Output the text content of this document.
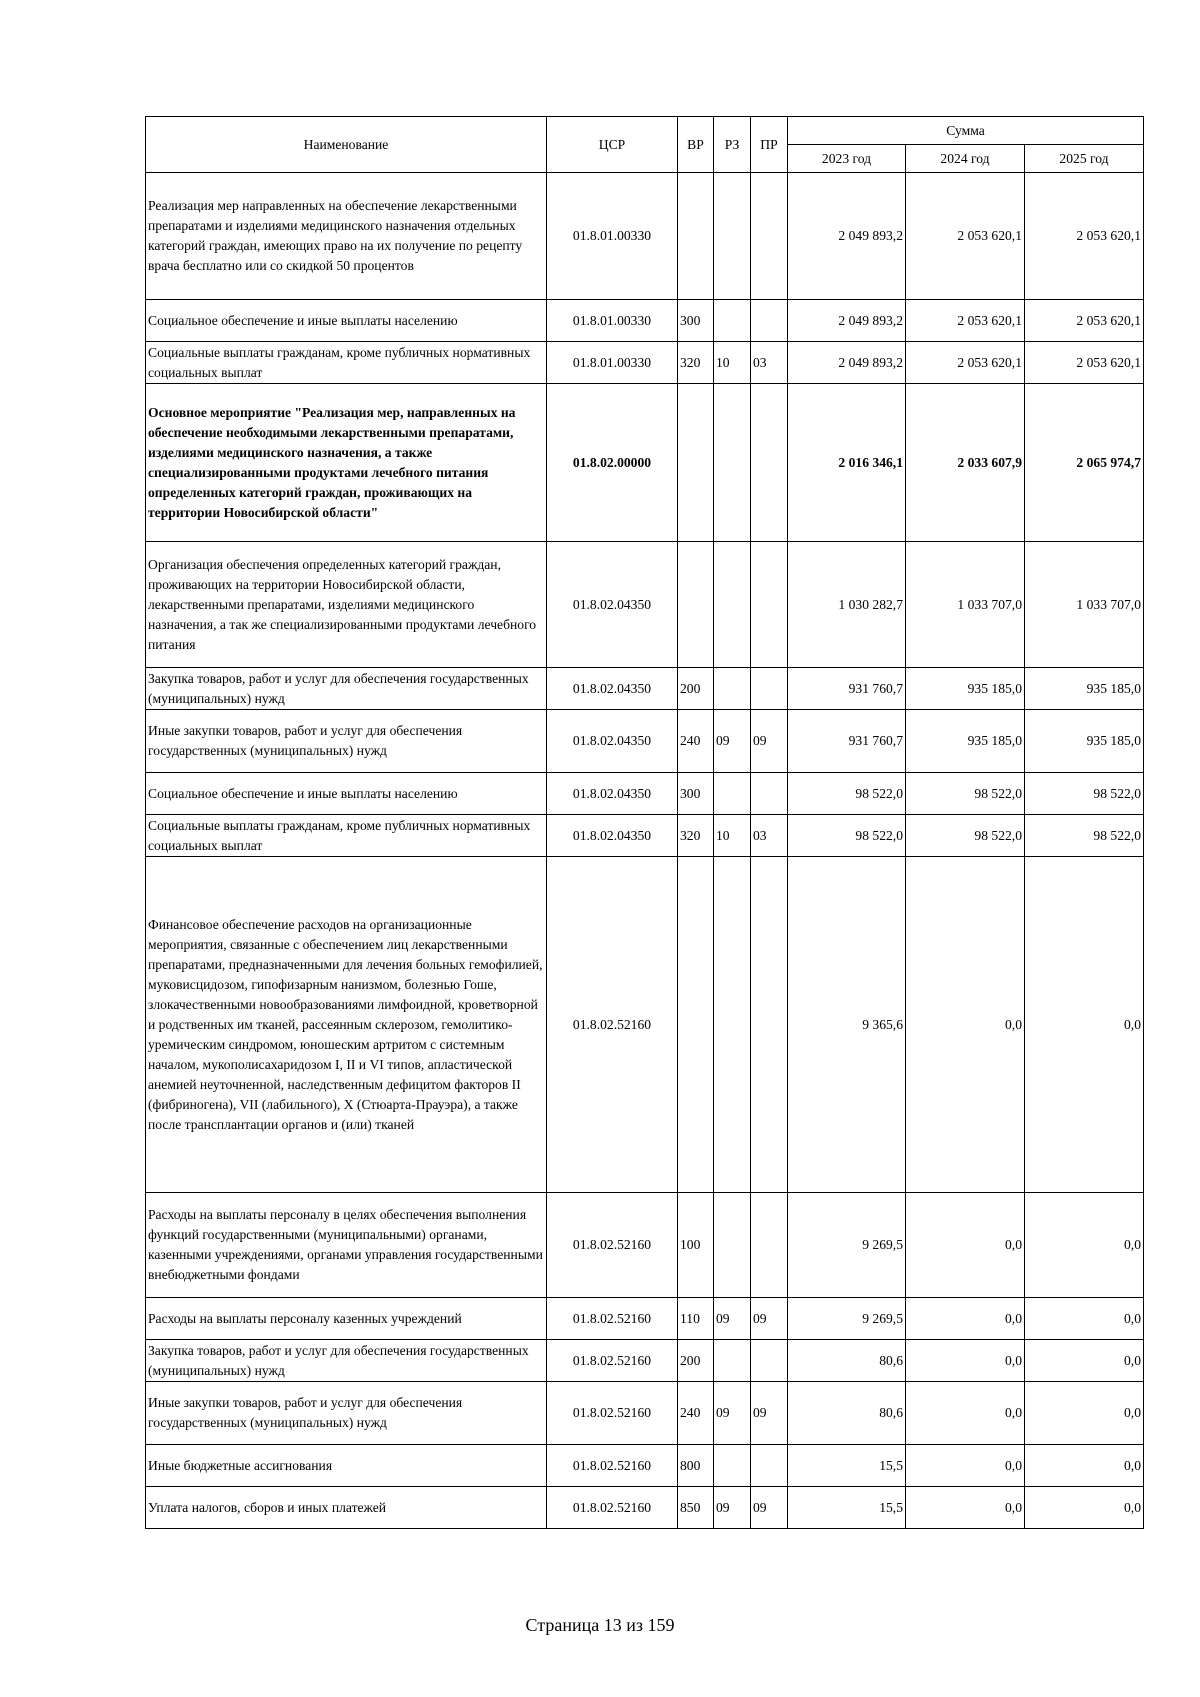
Наименование	ЦСР	ВР	РЗ	ПР	Сумма		
					2023 год	2024 год	2025 год
Реализация мер направленных на обеспечение лекарственными препаратами и изделиями медицинского назначения отдельных категорий граждан, имеющих право на их получение по рецепту врача бесплатно или со скидкой 50 процентов	01.8.01.00330				2 049 893,2	2 053 620,1	2 053 620,1
Социальное обеспечение и иные выплаты населению	01.8.01.00330	300			2 049 893,2	2 053 620,1	2 053 620,1
Социальные выплаты гражданам, кроме публичных нормативных социальных выплат	01.8.01.00330	320	10	03	2 049 893,2	2 053 620,1	2 053 620,1
Основное мероприятие "Реализация мер, направленных на обеспечение необходимыми лекарственными препаратами, изделиями медицинского назначения, а также специализированными продуктами лечебного питания определенных категорий граждан, проживающих на территории Новосибирской области"	01.8.02.00000				2 016 346,1	2 033 607,9	2 065 974,7
Организация обеспечения определенных категорий граждан, проживающих на территории Новосибирской области, лекарственными препаратами, изделиями медицинского назначения, а так же специализированными продуктами лечебного питания	01.8.02.04350				1 030 282,7	1 033 707,0	1 033 707,0
Закупка товаров, работ и услуг для обеспечения государственных (муниципальных) нужд	01.8.02.04350	200			931 760,7	935 185,0	935 185,0
Иные закупки товаров, работ и услуг для обеспечения государственных (муниципальных) нужд	01.8.02.04350	240	09	09	931 760,7	935 185,0	935 185,0
Социальное обеспечение и иные выплаты населению	01.8.02.04350	300			98 522,0	98 522,0	98 522,0
Социальные выплаты гражданам, кроме публичных нормативных социальных выплат	01.8.02.04350	320	10	03	98 522,0	98 522,0	98 522,0
Финансовое обеспечение расходов на организационные мероприятия, связанные с обеспечением лиц лекарственными препаратами, предназначенными для лечения больных гемофилией, муковисцидозом, гипофизарным нанизмом, болезнью Гоше, злокачественными новообразованиями лимфоидной, кроветворной и родственных им тканей, рассеянным склерозом, гемолитико-уремическим синдромом, юношеским артритом с системным началом, мукополисахаридозом I, II и VI типов, апластической анемией неуточненной, наследственным дефицитом факторов II (фибриногена), VII (лабильного), X (Стюарта-Прауэра), а также после трансплантации органов и (или) тканей	01.8.02.52160				9 365,6	0,0	0,0
Расходы на выплаты персоналу в целях обеспечения выполнения функций государственными (муниципальными) органами, казенными учреждениями, органами управления государственными внебюджетными фондами	01.8.02.52160	100			9 269,5	0,0	0,0
Расходы на выплаты персоналу казенных учреждений	01.8.02.52160	110	09	09	9 269,5	0,0	0,0
Закупка товаров, работ и услуг для обеспечения государственных (муниципальных) нужд	01.8.02.52160	200			80,6	0,0	0,0
Иные закупки товаров, работ и услуг для обеспечения государственных (муниципальных) нужд	01.8.02.52160	240	09	09	80,6	0,0	0,0
Иные бюджетные ассигнования	01.8.02.52160	800			15,5	0,0	0,0
Уплата налогов, сборов и иных платежей	01.8.02.52160	850	09	09	15,5	0,0	0,0
Страница 13 из 159
